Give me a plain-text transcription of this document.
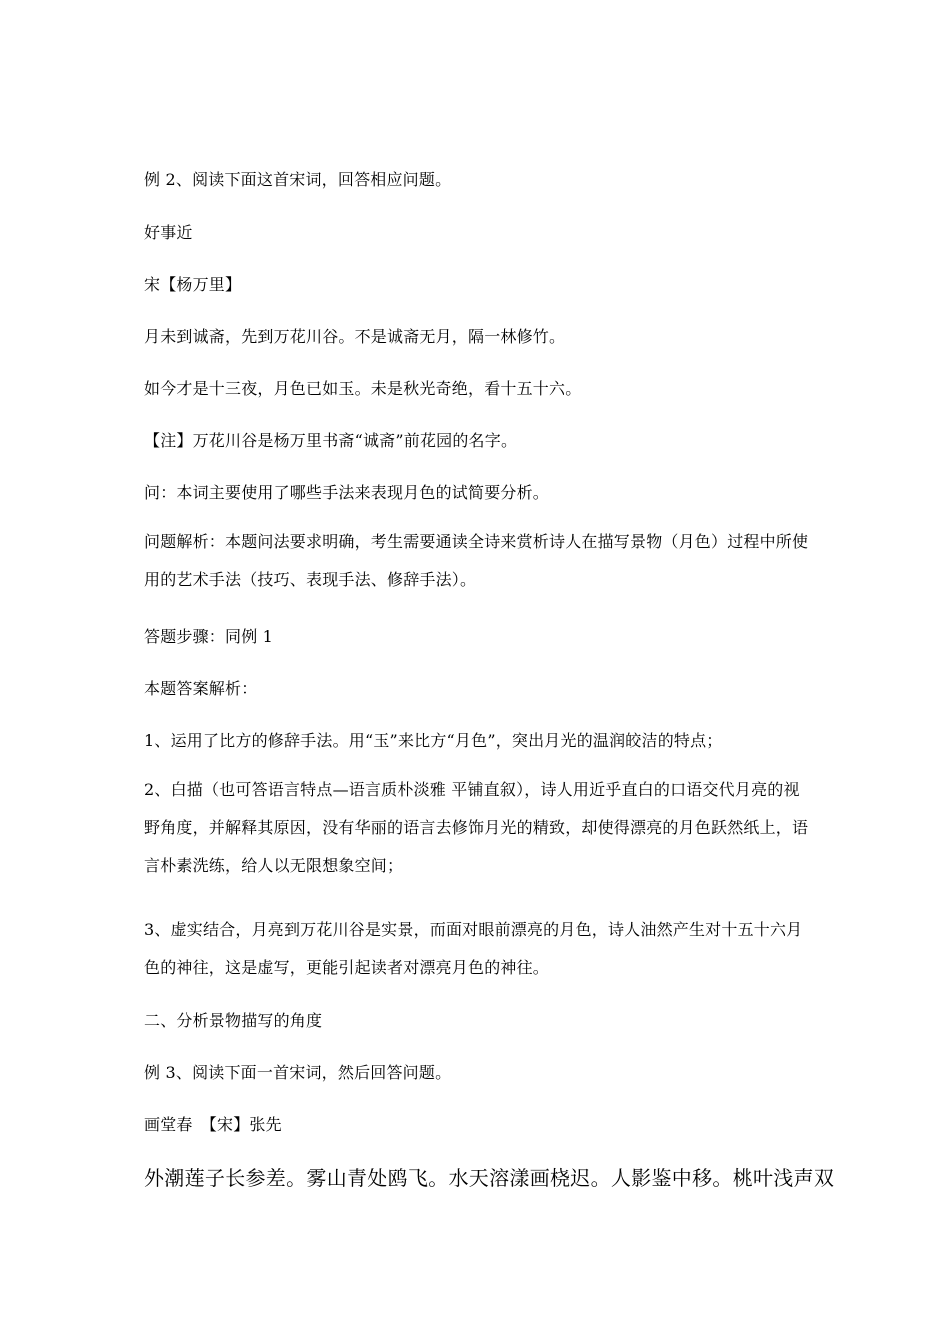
例 2、阅读下面这首宋词，回答相应问题。
好事近
宋【杨万里】
月未到诚斋，先到万花川谷。不是诚斋无月，隔一林修竹。
如今才是十三夜，月色已如玉。未是秋光奇绝，看十五十六。
【注】万花川谷是杨万里书斋“诚斋”前花园的名字。
问：本词主要使用了哪些手法来表现月色的试简要分析。
问题解析：本题问法要求明确，考生需要通读全诗来赏析诗人在描写景物（月色）过程中所使用的艺术手法（技巧、表现手法、修辞手法）。
答题步骤：同例 1
本题答案解析：
1、运用了比方的修辞手法。用“玉”来比方“月色”，突出月光的温润皎洁的特点；
2、白描（也可答语言特点—语言质朴淡雅 平铺直叙），诗人用近乎直白的口语交代月亮的视野角度，并解释其原因，没有华丽的语言去修饰月光的精致，却使得漂亮的月色跃然纸上，语言朴素洗练，给人以无限想象空间；
3、虚实结合，月亮到万花川谷是实景，而面对眼前漂亮的月色，诗人油然产生对十五十六月色的神往，这是虚写，更能引起读者对漂亮月色的神往。
二、分析景物描写的角度
例 3、阅读下面一首宋词，然后回答问题。
画堂春　【宋】张先
外潮莲子长参差。雾山青处鸥飞。水天溶漾画桡迟。人影鉴中移。桃叶浅声双
